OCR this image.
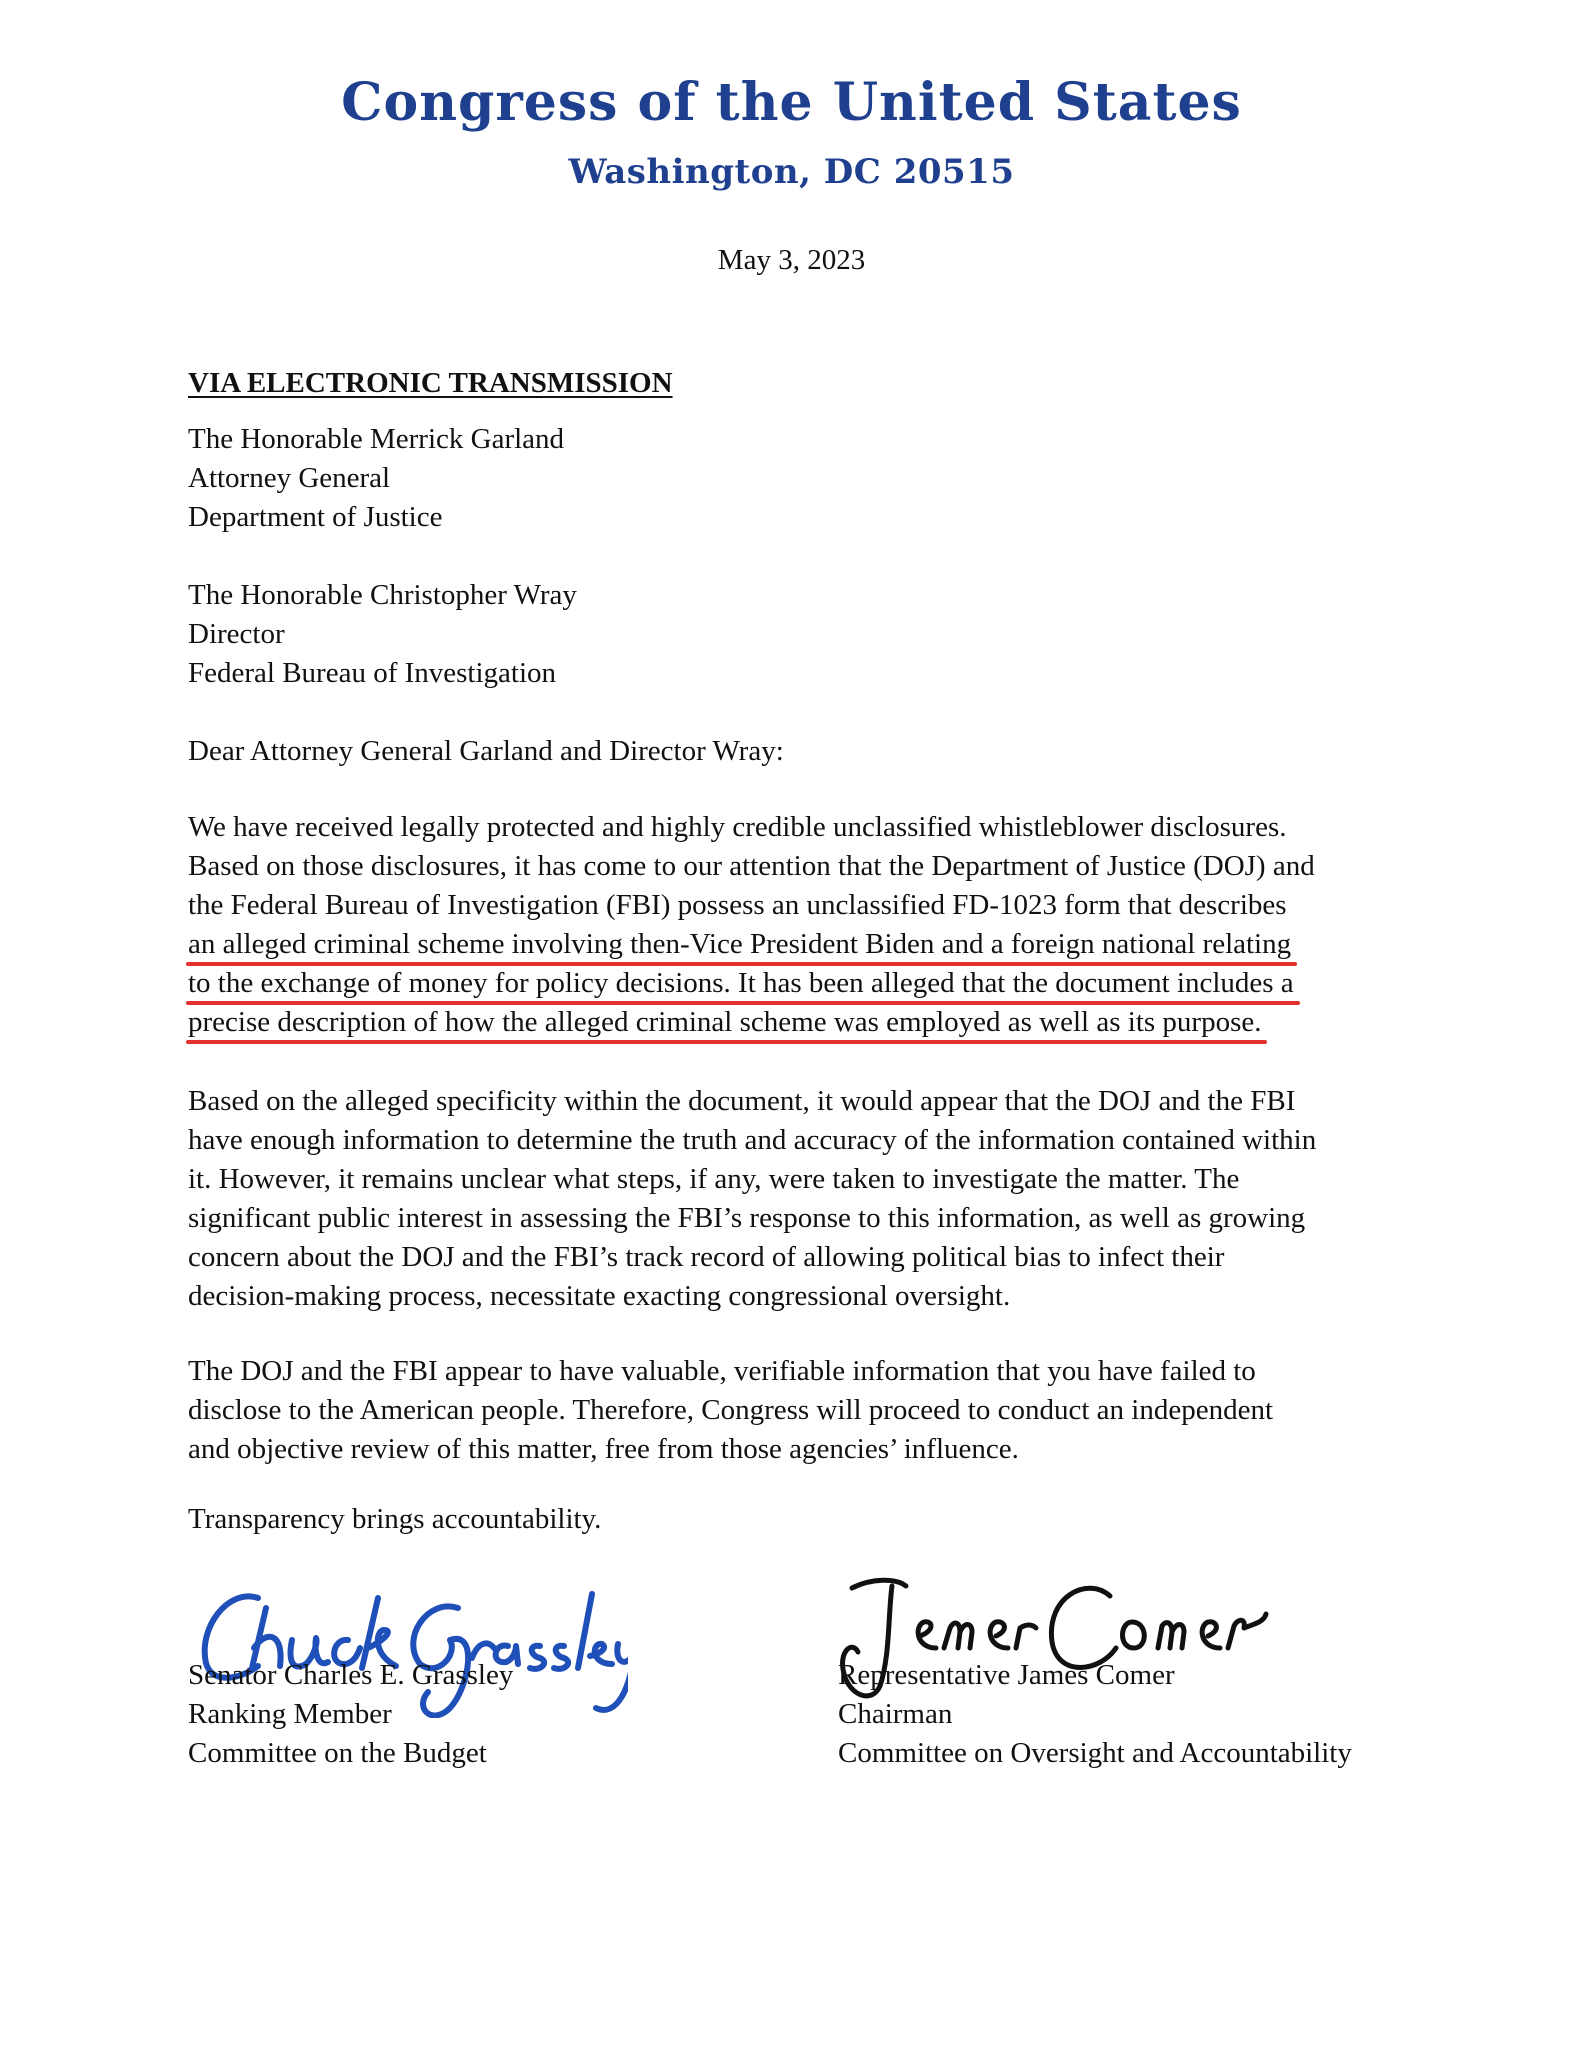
Congress of the United States
Washington, DC 20515
May 3, 2023
VIA ELECTRONIC TRANSMISSION
The Honorable Merrick Garland
Attorney General
Department of Justice
The Honorable Christopher Wray
Director
Federal Bureau of Investigation
Dear Attorney General Garland and Director Wray:
We have received legally protected and highly credible unclassified whistleblower disclosures.
Based on those disclosures, it has come to our attention that the Department of Justice (DOJ) and
the Federal Bureau of Investigation (FBI) possess an unclassified FD-1023 form that describes
an alleged criminal scheme involving then-Vice President Biden and a foreign national relating
to the exchange of money for policy decisions. It has been alleged that the document includes a
precise description of how the alleged criminal scheme was employed as well as its purpose.
Based on the alleged specificity within the document, it would appear that the DOJ and the FBI
have enough information to determine the truth and accuracy of the information contained within
it. However, it remains unclear what steps, if any, were taken to investigate the matter. The
significant public interest in assessing the FBI’s response to this information, as well as growing
concern about the DOJ and the FBI’s track record of allowing political bias to infect their
decision-making process, necessitate exacting congressional oversight.
The DOJ and the FBI appear to have valuable, verifiable information that you have failed to
disclose to the American people. Therefore, Congress will proceed to conduct an independent
and objective review of this matter, free from those agencies’ influence.
Transparency brings accountability.
Senator Charles E. Grassley
Ranking Member
Committee on the Budget
Representative James Comer
Chairman
Committee on Oversight and Accountability
